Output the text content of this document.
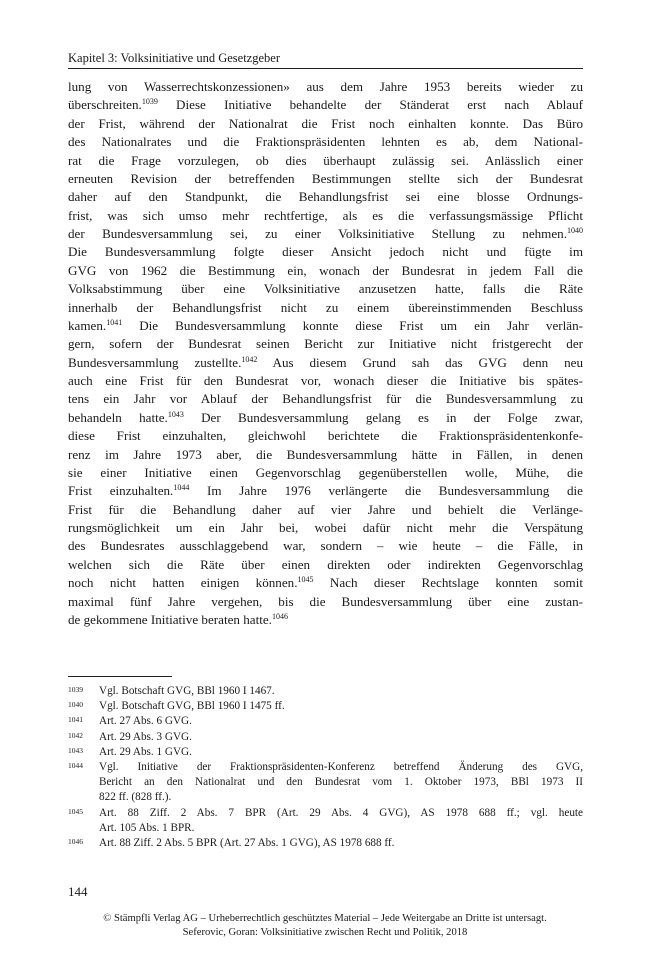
Kapitel 3: Volksinitiative und Gesetzgeber
lung von Wasserrechtskonzessionen» aus dem Jahre 1953 bereits wieder zu
überschreiten.$^{1039}$ Diese Initiative behandelte der Ständerat erst nach Ablauf
der Frist, während der Nationalrat die Frist noch einhalten konnte. Das Büro
des Nationalrates und die Fraktionspräsidenten lehnten es ab, dem National-
rat die Frage vorzulegen, ob dies überhaupt zulässig sei. Anlässlich einer
erneuten Revision der betreffenden Bestimmungen stellte sich der Bundesrat
daher auf den Standpunkt, die Behandlungsfrist sei eine blosse Ordnungs-
frist, was sich umso mehr rechtfertige, als es die verfassungsmässige Pflicht
der Bundesversammlung sei, zu einer Volksinitiative Stellung zu nehmen.$^{1040}$
Die Bundesversammlung folgte dieser Ansicht jedoch nicht und fügte im
GVG von 1962 die Bestimmung ein, wonach der Bundesrat in jedem Fall die
Volksabstimmung über eine Volksinitiative anzusetzen hatte, falls die Räte
innerhalb der Behandlungsfrist nicht zu einem übereinstimmenden Beschluss
kamen.$^{1041}$ Die Bundesversammlung konnte diese Frist um ein Jahr verlän-
gern, sofern der Bundesrat seinen Bericht zur Initiative nicht fristgerecht der
Bundesversammlung zustellte.$^{1042}$ Aus diesem Grund sah das GVG denn neu
auch eine Frist für den Bundesrat vor, wonach dieser die Initiative bis spätes-
tens ein Jahr vor Ablauf der Behandlungsfrist für die Bundesversammlung zu
behandeln hatte.$^{1043}$ Der Bundesversammlung gelang es in der Folge zwar,
diese Frist einzuhalten, gleichwohl berichtete die Fraktionspräsidentenkonfe-
renz im Jahre 1973 aber, die Bundesversammlung hätte in Fällen, in denen
sie einer Initiative einen Gegenvorschlag gegenüberstellen wolle, Mühe, die
Frist einzuhalten.$^{1044}$ Im Jahre 1976 verlängerte die Bundesversammlung die
Frist für die Behandlung daher auf vier Jahre und behielt die Verlänge-
rungsmöglichkeit um ein Jahr bei, wobei dafür nicht mehr die Verspätung
des Bundesrates ausschlaggebend war, sondern – wie heute – die Fälle, in
welchen sich die Räte über einen direkten oder indirekten Gegenvorschlag
noch nicht hatten einigen können.$^{1045}$ Nach dieser Rechtslage konnten somit
maximal fünf Jahre vergehen, bis die Bundesversammlung über eine zustan-
de gekommene Initiative beraten hatte.$^{1046}$
1039	Vgl. Botschaft GVG, BBl 1960 I 1467.
1040	Vgl. Botschaft GVG, BBl 1960 I 1475 ff.
1041	Art. 27 Abs. 6 GVG.
1042	Art. 29 Abs. 3 GVG.
1043	Art. 29 Abs. 1 GVG.
1044	Vgl. Initiative der Fraktionspräsidenten-Konferenz betreffend Änderung des GVG,
Bericht an den Nationalrat und den Bundesrat vom 1. Oktober 1973, BBl 1973 II
822 ff. (828 ff.).
1045	Art. 88 Ziff. 2 Abs. 7 BPR (Art. 29 Abs. 4 GVG), AS 1978 688 ff.; vgl. heute
Art. 105 Abs. 1 BPR.
1046	Art. 88 Ziff. 2 Abs. 5 BPR (Art. 27 Abs. 1 GVG), AS 1978 688 ff.
144
© Stämpfli Verlag AG – Urheberrechtlich geschütztes Material – Jede Weitergabe an Dritte ist untersagt.
Seferovic, Goran: Volksinitiative zwischen Recht und Politik, 2018
